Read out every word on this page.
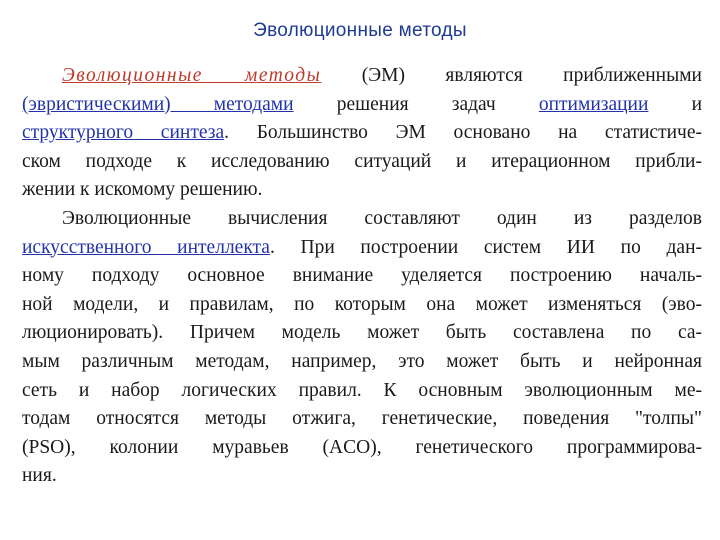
Эволюционные методы
Эволюционные методы (ЭМ) являются приближенными
(эвристическими) методами решения задач оптимизации и
структурного синтеза. Большинство ЭМ основано на статистиче-
ском подходе к исследованию ситуаций и итерационном прибли-
жении к искомому решению.
Эволюционные вычисления составляют один из разделов
искусственного интеллекта. При построении систем ИИ по дан-
ному подходу основное внимание уделяется построению началь-
ной модели, и правилам, по которым она может изменяться (эво-
люционировать). Причем модель может быть составлена по са-
мым различным методам, например, это может быть и нейронная
сеть и набор логических правил. К основным эволюционным ме-
тодам относятся методы отжига, генетические, поведения "толпы"
(PSO), колонии муравьев (ACO), генетического программирова-
ния.
